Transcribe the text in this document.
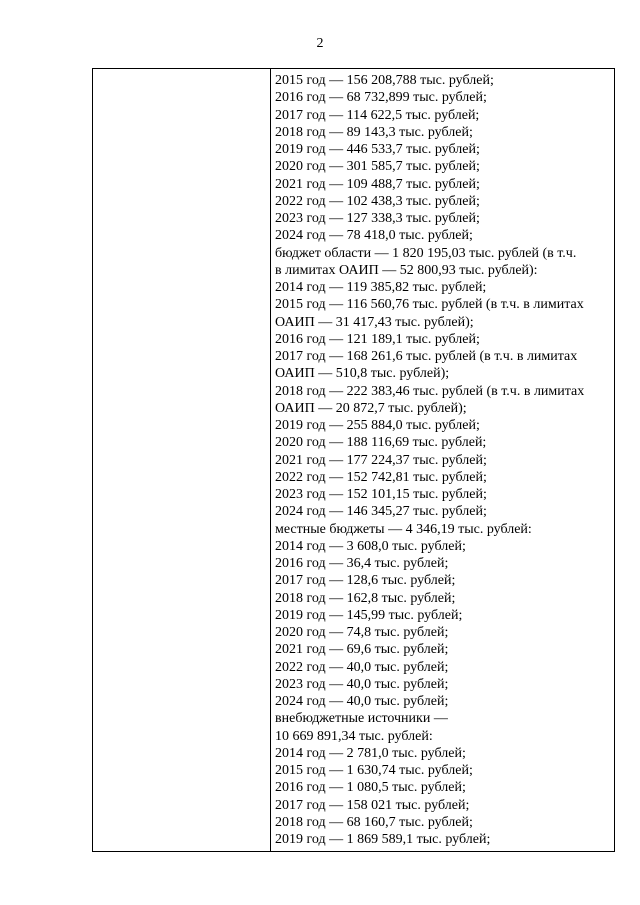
2

2015 год — 156 208,788 тыс. рублей;
2016 год — 68 732,899 тыс. рублей;
2017 год — 114 622,5 тыс. рублей;
2018 год — 89 143,3 тыс. рублей;
2019 год — 446 533,7 тыс. рублей;
2020 год — 301 585,7 тыс. рублей;
2021 год — 109 488,7 тыс. рублей;
2022 год — 102 438,3 тыс. рублей;
2023 год — 127 338,3 тыс. рублей;
2024 год — 78 418,0 тыс. рублей;
бюджет области — 1 820 195,03 тыс. рублей (в т.ч.
в лимитах ОАИП — 52 800,93 тыс. рублей):
2014 год — 119 385,82 тыс. рублей;
2015 год — 116 560,76 тыс. рублей (в т.ч. в лимитах
ОАИП — 31 417,43 тыс. рублей);
2016 год — 121 189,1 тыс. рублей;
2017 год — 168 261,6 тыс. рублей (в т.ч. в лимитах
ОАИП — 510,8 тыс. рублей);
2018 год — 222 383,46 тыс. рублей (в т.ч. в лимитах
ОАИП — 20 872,7 тыс. рублей);
2019 год — 255 884,0 тыс. рублей;
2020 год — 188 116,69 тыс. рублей;
2021 год — 177 224,37 тыс. рублей;
2022 год — 152 742,81 тыс. рублей;
2023 год — 152 101,15 тыс. рублей;
2024 год — 146 345,27 тыс. рублей;
местные бюджеты — 4 346,19 тыс. рублей:
2014 год — 3 608,0 тыс. рублей;
2016 год — 36,4 тыс. рублей;
2017 год — 128,6 тыс. рублей;
2018 год — 162,8 тыс. рублей;
2019 год — 145,99 тыс. рублей;
2020 год — 74,8 тыс. рублей;
2021 год — 69,6 тыс. рублей;
2022 год — 40,0 тыс. рублей;
2023 год — 40,0 тыс. рублей;
2024 год — 40,0 тыс. рублей;
внебюджетные источники —
10 669 891,34 тыс. рублей:
2014 год — 2 781,0 тыс. рублей;
2015 год — 1 630,74 тыс. рублей;
2016 год — 1 080,5 тыс. рублей;
2017 год — 158 021 тыс. рублей;
2018 год — 68 160,7 тыс. рублей;
2019 год — 1 869 589,1 тыс. рублей;
